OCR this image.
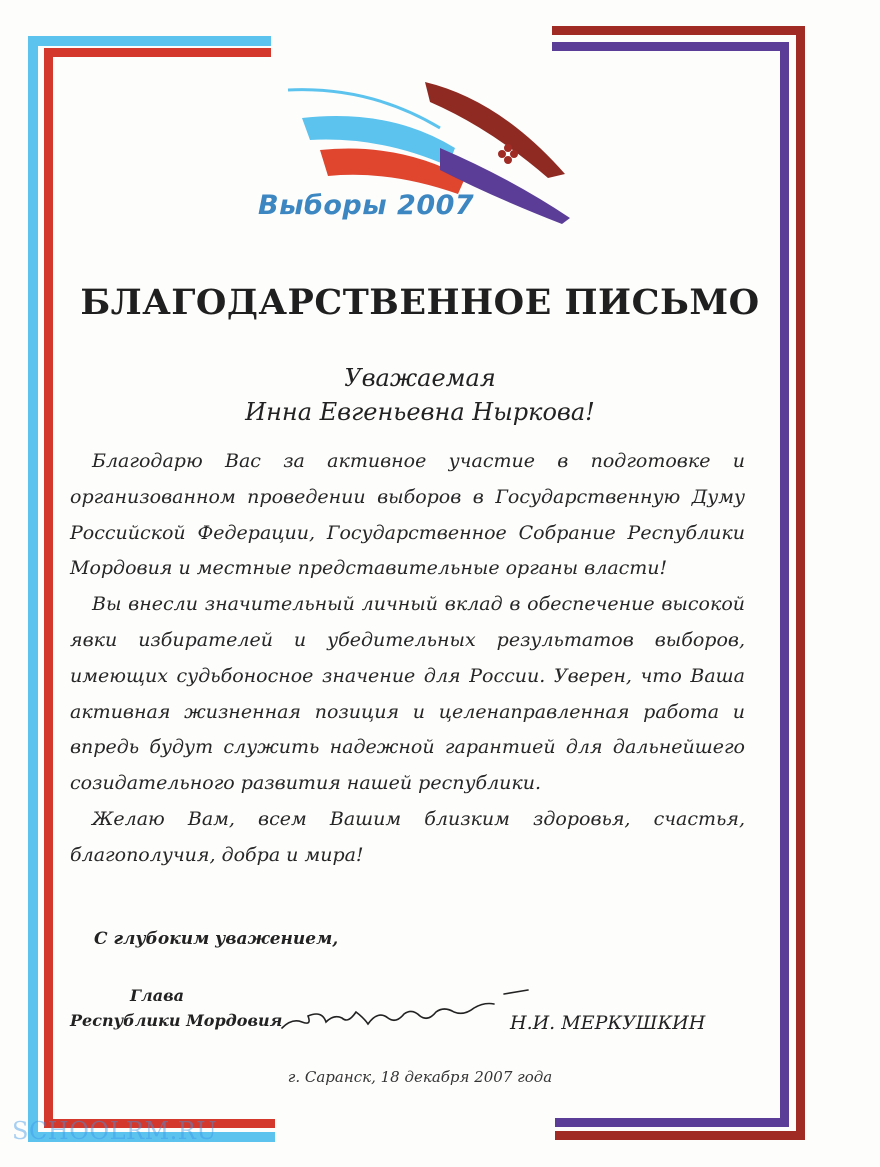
Выборы 2007
БЛАГОДАРСТВЕННОЕ ПИСЬМО
Уважаемая
Инна Евгеньевна Ныркова!

Благодарю Вас за активное участие в подготовке и организованном проведении выборов в Государственную Думу Российской Федерации, Государственное Собрание Республики Мордовия и местные представительные органы власти!

Вы внесли значительный личный вклад в обеспечение высокой явки избирателей и убедительных результатов выборов, имеющих судьбоносное значение для России. Уверен, что Ваша активная жизненная позиция и целенаправленная работа и впредь будут служить надежной гарантией для дальнейшего созидательного развития нашей республики.

Желаю Вам, всем Вашим близким здоровья, счастья, благополучия, добра и мира!

С глубоким уважением,
Глава
Республики Мордовия	Н.И. МЕРКУШКИН
г. Саранск, 18 декабря 2007 года
SCHOOLRM.RU
